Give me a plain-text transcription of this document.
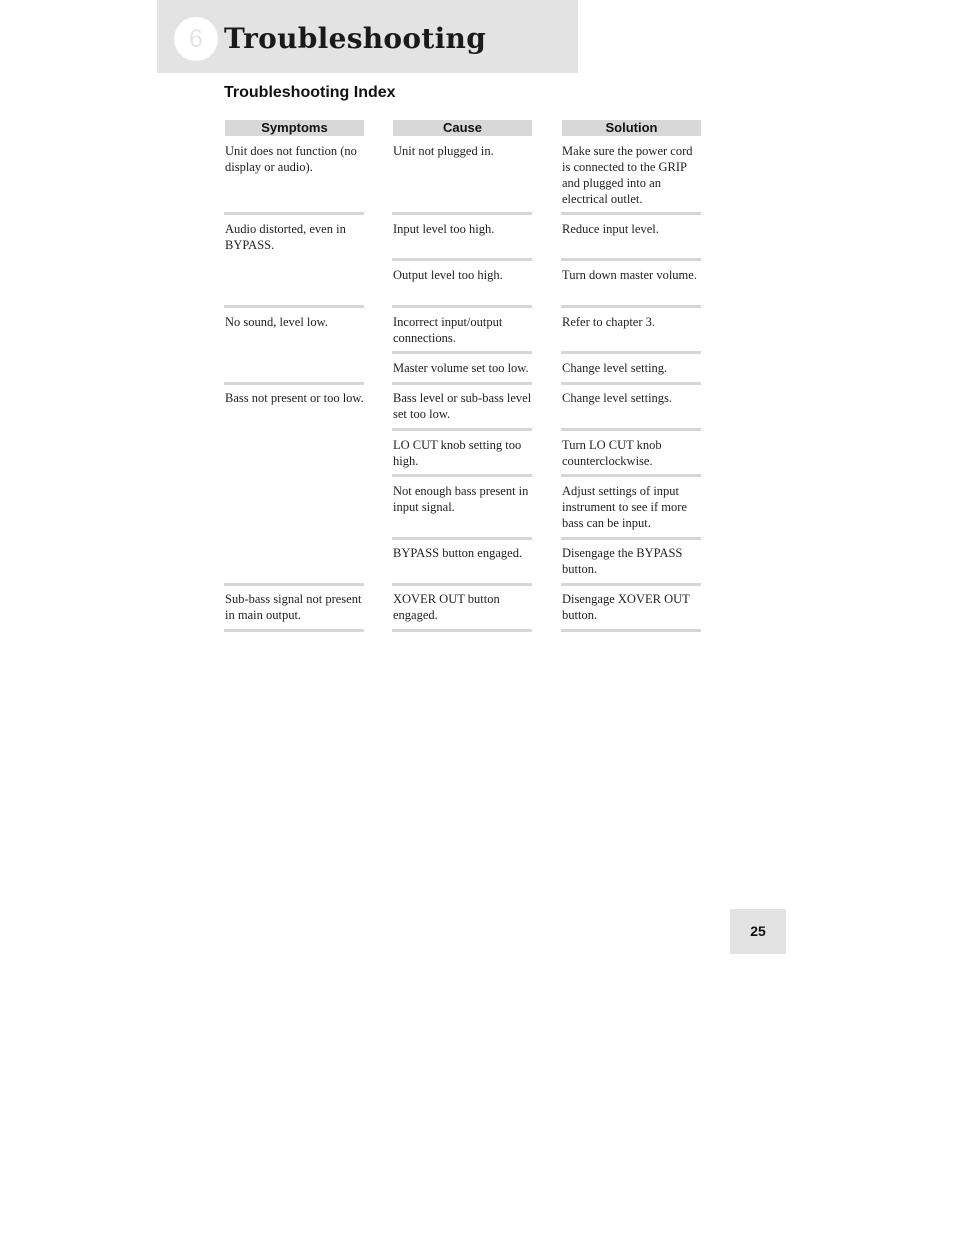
6 Troubleshooting
Troubleshooting Index
Symptoms	Cause	Solution
Unit does not function (no display or audio).
Audio distorted, even in BYPASS.
No sound, level low.
Bass not present or too low.
Sub-bass signal not present in main output.
Unit not plugged in.
Input level too high.
Output level too high.
Incorrect input/output connections.
Master volume set too low.
Bass level or sub-bass level set too low.
LO CUT knob setting too high.
Not enough bass present in input signal.
BYPASS button engaged.
XOVER OUT button engaged.
Make sure the power cord is connected to the GRIP and plugged into an electrical outlet.
Reduce input level.
Turn down master volume.
Refer to chapter 3.
Change level setting.
Change level settings.
Turn LO CUT knob counterclockwise.
Adjust settings of input instrument to see if more bass can be input.
Disengage the BYPASS button.
Disengage XOVER OUT button.
25
